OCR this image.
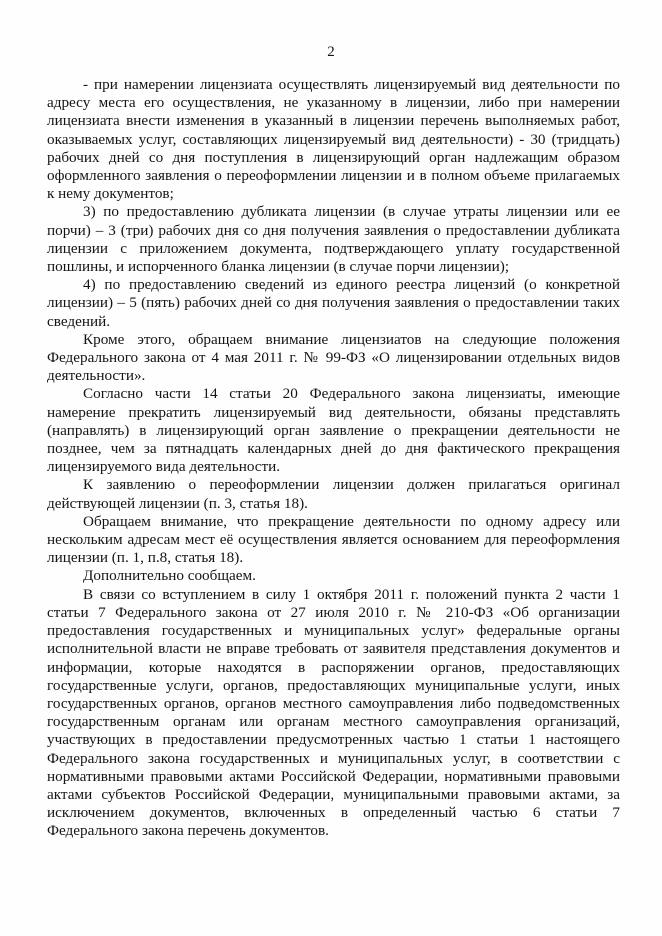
2

- при намерении лицензиата осуществлять лицензируемый вид деятельности по адресу места его осуществления, не указанному в лицензии, либо при намерении лицензиата внести изменения в указанный в лицензии перечень выполняемых работ, оказываемых услуг, составляющих лицензируемый вид деятельности) - 30 (тридцать) рабочих дней со дня поступления в лицензирующий орган надлежащим образом оформленного заявления о переоформлении лицензии и в полном объеме прилагаемых к нему документов;

3) по предоставлению дубликата лицензии (в случае утраты лицензии или ее порчи) – 3 (три) рабочих дня со дня получения заявления о предоставлении дубликата лицензии с приложением документа, подтверждающего уплату государственной пошлины, и испорченного бланка лицензии (в случае порчи лицензии);

4) по предоставлению сведений из единого реестра лицензий (о конкретной лицензии) – 5 (пять) рабочих дней со дня получения заявления о предоставлении таких сведений.

Кроме этого, обращаем внимание лицензиатов на следующие положения Федерального закона от 4 мая 2011 г. № 99-ФЗ «О лицензировании отдельных видов деятельности».

Согласно части 14 статьи 20 Федерального закона лицензиаты, имеющие намерение прекратить лицензируемый вид деятельности, обязаны представлять (направлять) в лицензирующий орган заявление о прекращении деятельности не позднее, чем за пятнадцать календарных дней до дня фактического прекращения лицензируемого вида деятельности.

К заявлению о переоформлении лицензии должен прилагаться оригинал действующей лицензии (п. 3, статья 18).

Обращаем внимание, что прекращение деятельности по одному адресу или нескольким адресам мест её осуществления является основанием для переоформления лицензии (п. 1, п.8, статья 18).

Дополнительно сообщаем.

В связи со вступлением в силу 1 октября 2011 г. положений пункта 2 части 1 статьи 7 Федерального закона от 27 июля 2010 г. № 210-ФЗ «Об организации предоставления государственных и муниципальных услуг» федеральные органы исполнительной власти не вправе требовать от заявителя представления документов и информации, которые находятся в распоряжении органов, предоставляющих государственные услуги, органов, предоставляющих муниципальные услуги, иных государственных органов, органов местного самоуправления либо подведомственных государственным органам или органам местного самоуправления организаций, участвующих в предоставлении предусмотренных частью 1 статьи 1 настоящего Федерального закона государственных и муниципальных услуг, в соответствии с нормативными правовыми актами Российской Федерации, нормативными правовыми актами субъектов Российской Федерации, муниципальными правовыми актами, за исключением документов, включенных в определенный частью 6 статьи 7 Федерального закона перечень документов.
